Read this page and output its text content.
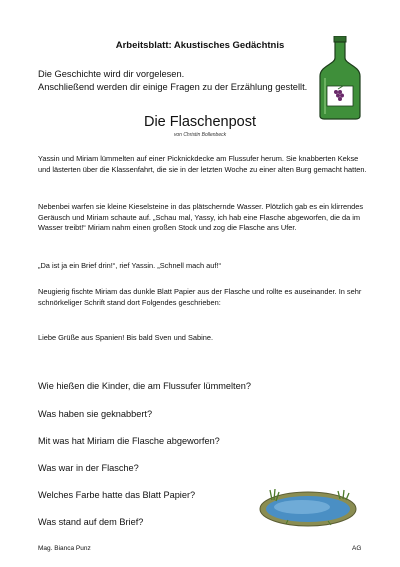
Arbeitsblatt: Akustisches Gedächtnis
Die Geschichte wird dir vorgelesen.
Anschließend werden dir einige Fragen zu der Erzählung gestellt.
Die Flaschenpost
von Christin Bollenbeck
Yassin und Miriam lümmelten auf einer Picknickdecke am Flussufer herum. Sie knabberten Kekse und lästerten über die Klassenfahrt, die sie in der letzten Woche zu einer alten Burg gemacht hatten.
Nebenbei warfen sie kleine Kieselsteine in das plätschernde Wasser. Plötzlich gab es ein klirrendes Geräusch und Miriam schaute auf. „Schau mal, Yassy, ich hab eine Flasche abgeworfen, die da im Wasser treibt!“ Miriam nahm einen großen Stock und zog die Flasche ans Ufer.
„Da ist ja ein Brief drin!“, rief Yassin. „Schnell mach auf!“
Neugierig fischte Miriam das dunkle Blatt Papier aus der Flasche und rollte es auseinander. In sehr schnörkeliger Schrift stand dort Folgendes geschrieben:
Liebe Grüße aus Spanien! Bis bald Sven und Sabine.
Wie hießen die Kinder, die am Flussufer lümmelten?
Was haben sie geknabbert?
Mit was hat Miriam die Flasche abgeworfen?
Was war in der Flasche?
Welches Farbe hatte das Blatt Papier?
Was stand auf dem Brief?
Mag. Bianca Punz	AG
